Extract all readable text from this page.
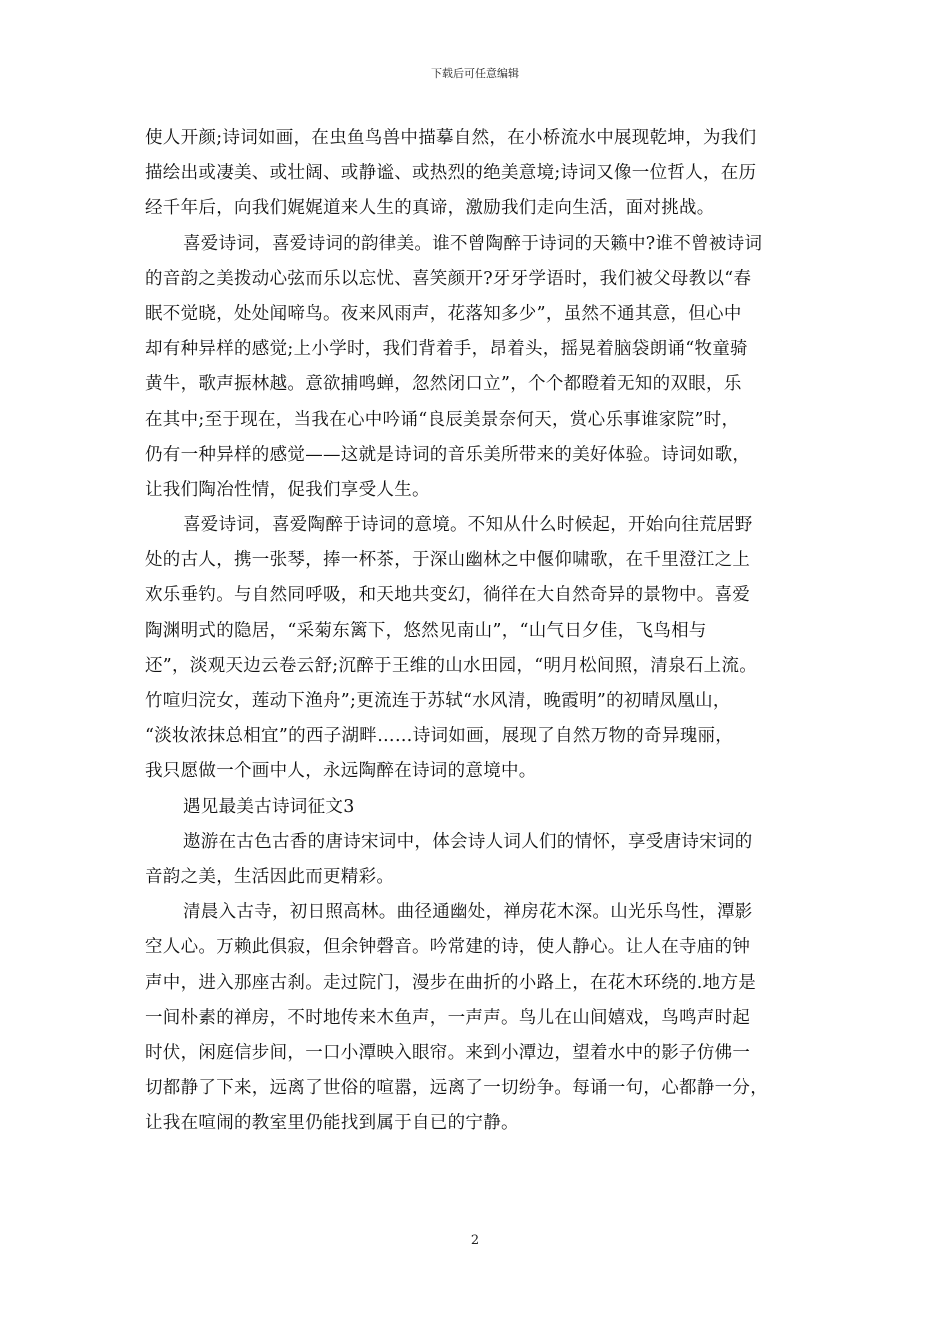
下载后可任意编辑
使人开颜;诗词如画，在虫鱼鸟兽中描摹自然，在小桥流水中展现乾坤，为我们
描绘出或凄美、或壮阔、或静谧、或热烈的绝美意境;诗词又像一位哲人，在历
经千年后，向我们娓娓道来人生的真谛，激励我们走向生活，面对挑战。
喜爱诗词，喜爱诗词的韵律美。谁不曾陶醉于诗词的天籁中?谁不曾被诗词
的音韵之美拨动心弦而乐以忘忧、喜笑颜开?牙牙学语时，我们被父母教以“春
眠不觉晓，处处闻啼鸟。夜来风雨声，花落知多少”，虽然不通其意，但心中
却有种异样的感觉;上小学时，我们背着手，昂着头，摇晃着脑袋朗诵“牧童骑
黄牛，歌声振林越。意欲捕鸣蝉，忽然闭口立”，个个都瞪着无知的双眼，乐
在其中;至于现在，当我在心中吟诵“良辰美景奈何天，赏心乐事谁家院”时，
仍有一种异样的感觉——这就是诗词的音乐美所带来的美好体验。诗词如歌，
让我们陶冶性情，促我们享受人生。
喜爱诗词，喜爱陶醉于诗词的意境。不知从什么时候起，开始向往荒居野
处的古人，携一张琴，捧一杯茶，于深山幽林之中偃仰啸歌，在千里澄江之上
欢乐垂钓。与自然同呼吸，和天地共变幻，徜徉在大自然奇异的景物中。喜爱
陶渊明式的隐居，“采菊东篱下，悠然见南山”，“山气日夕佳，飞鸟相与
还”，淡观天边云卷云舒;沉醉于王维的山水田园，“明月松间照，清泉石上流。
竹喧归浣女，莲动下渔舟”;更流连于苏轼“水风清，晚霞明”的初晴凤凰山，
“淡妆浓抹总相宜”的西子湖畔……诗词如画，展现了自然万物的奇异瑰丽，
我只愿做一个画中人，永远陶醉在诗词的意境中。
遇见最美古诗词征文3
遨游在古色古香的唐诗宋词中，体会诗人词人们的情怀，享受唐诗宋词的
音韵之美，生活因此而更精彩。
清晨入古寺，初日照高林。曲径通幽处，禅房花木深。山光乐鸟性，潭影
空人心。万赖此俱寂，但余钟磬音。吟常建的诗，使人静心。让人在寺庙的钟
声中，进入那座古刹。走过院门，漫步在曲折的小路上，在花木环绕的.地方是
一间朴素的禅房，不时地传来木鱼声，一声声。鸟儿在山间嬉戏，鸟鸣声时起
时伏，闲庭信步间，一口小潭映入眼帘。来到小潭边，望着水中的影子仿佛一
切都静了下来，远离了世俗的喧嚣，远离了一切纷争。每诵一句，心都静一分，
让我在喧闹的教室里仍能找到属于自已的宁静。
2
